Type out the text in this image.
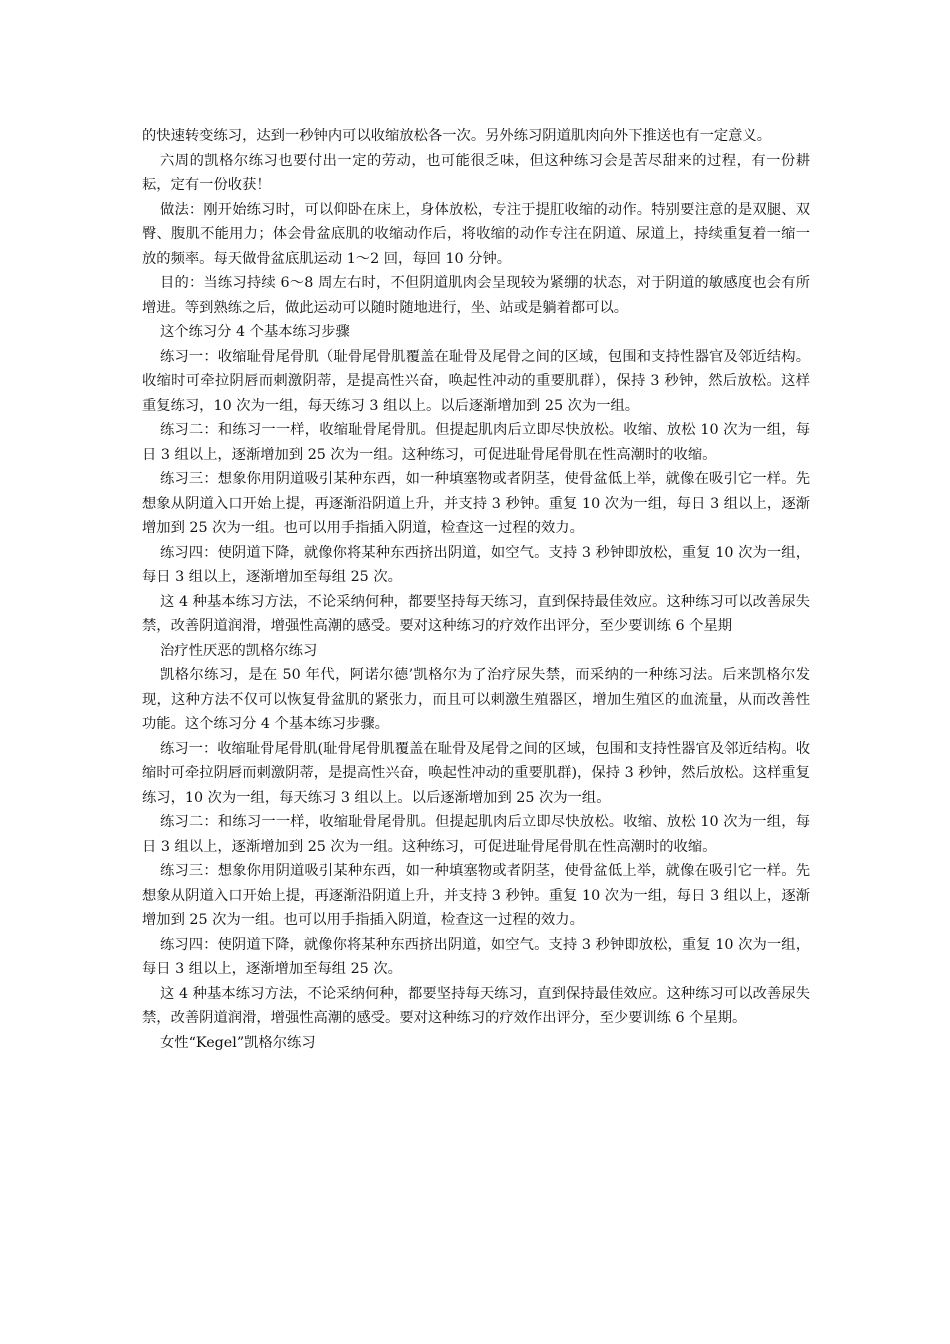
的快速转变练习，达到一秒钟内可以收缩放松各一次。另外练习阴道肌肉向外下推送也有一定意义。

六周的凯格尔练习也要付出一定的劳动，也可能很乏味，但这种练习会是苦尽甜来的过程，有一份耕耘，定有一份收获！

做法：刚开始练习时，可以仰卧在床上，身体放松，专注于提肛收缩的动作。特别要注意的是双腿、双臀、腹肌不能用力；体会骨盆底肌的收缩动作后，将收缩的动作专注在阴道、尿道上，持续重复着一缩一放的频率。每天做骨盆底肌运动 1～2 回，每回 10 分钟。

目的：当练习持续 6～8 周左右时，不但阴道肌肉会呈现较为紧绷的状态，对于阴道的敏感度也会有所增进。等到熟练之后，做此运动可以随时随地进行，坐、站或是躺着都可以。

这个练习分 4 个基本练习步骤

练习一：收缩耻骨尾骨肌（耻骨尾骨肌覆盖在耻骨及尾骨之间的区域，包围和支持性器官及邻近结构。收缩时可牵拉阴唇而刺激阴蒂，是提高性兴奋，唤起性冲动的重要肌群），保持 3 秒钟，然后放松。这样重复练习，10 次为一组，每天练习 3 组以上。以后逐渐增加到 25 次为一组。

练习二：和练习一一样，收缩耻骨尾骨肌。但提起肌肉后立即尽快放松。收缩、放松 10 次为一组，每日 3 组以上，逐渐增加到 25 次为一组。这种练习，可促进耻骨尾骨肌在性高潮时的收缩。

练习三：想象你用阴道吸引某种东西，如一种填塞物或者阴茎，使骨盆低上举，就像在吸引它一样。先想象从阴道入口开始上提，再逐渐沿阴道上升，并支持 3 秒钟。重复 10 次为一组，每日 3 组以上，逐渐增加到 25 次为一组。也可以用手指插入阴道，检查这一过程的效力。

练习四：使阴道下降，就像你将某种东西挤出阴道，如空气。支持 3 秒钟即放松，重复 10 次为一组，每日 3 组以上，逐渐增加至每组 25 次。

这 4 种基本练习方法，不论采纳何种，都要坚持每天练习，直到保持最佳效应。这种练习可以改善尿失禁，改善阴道润滑，增强性高潮的感受。要对这种练习的疗效作出评分，至少要训练 6 个星期

治疗性厌恶的凯格尔练习

凯格尔练习，是在 50 年代，阿诺尔德’凯格尔为了治疗尿失禁，而采纳的一种练习法。后来凯格尔发现，这种方法不仅可以恢复骨盆肌的紧张力，而且可以刺激生殖器区，增加生殖区的血流量，从而改善性功能。这个练习分 4 个基本练习步骤。

练习一：收缩耻骨尾骨肌(耻骨尾骨肌覆盖在耻骨及尾骨之间的区域，包围和支持性器官及邻近结构。收缩时可牵拉阴唇而刺激阴蒂，是提高性兴奋，唤起性冲动的重要肌群)，保持 3 秒钟，然后放松。这样重复练习，10 次为一组，每天练习 3 组以上。以后逐渐增加到 25 次为一组。

练习二：和练习一一样，收缩耻骨尾骨肌。但提起肌肉后立即尽快放松。收缩、放松 10 次为一组，每日 3 组以上，逐渐增加到 25 次为一组。这种练习，可促进耻骨尾骨肌在性高潮时的收缩。

练习三：想象你用阴道吸引某种东西，如一种填塞物或者阴茎，使骨盆低上举，就像在吸引它一样。先想象从阴道入口开始上提，再逐渐沿阴道上升，并支持 3 秒钟。重复 10 次为一组，每日 3 组以上，逐渐增加到 25 次为一组。也可以用手指插入阴道，检查这一过程的效力。

练习四：使阴道下降，就像你将某种东西挤出阴道，如空气。支持 3 秒钟即放松，重复 10 次为一组，每日 3 组以上，逐渐增加至每组 25 次。

这 4 种基本练习方法，不论采纳何种，都要坚持每天练习，直到保持最佳效应。这种练习可以改善尿失禁，改善阴道润滑，增强性高潮的感受。要对这种练习的疗效作出评分，至少要训练 6 个星期。

女性“Kegel”凯格尔练习
